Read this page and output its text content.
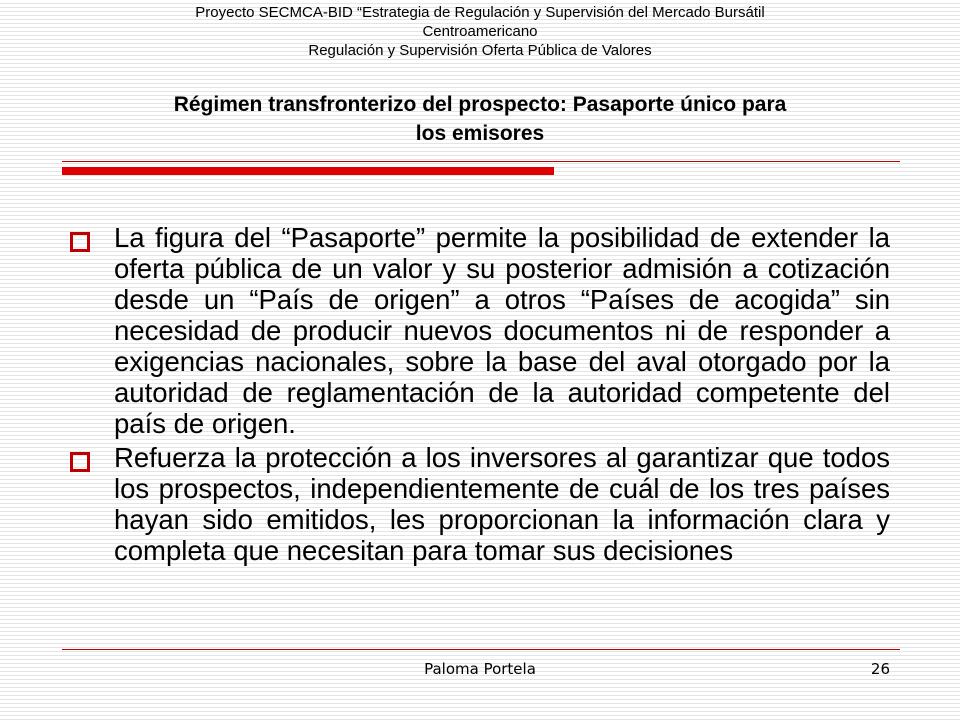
Proyecto SECMCA-BID “Estrategia de Regulación y Supervisión del Mercado Bursátil
Centroamericano
Regulación y Supervisión Oferta Pública de Valores
Régimen transfronterizo del prospecto: Pasaporte único para
los emisores
La figura del “Pasaporte” permite la posibilidad de extender la oferta pública de un valor y su posterior admisión a cotización desde un “País de origen” a otros “Países de acogida” sin necesidad de producir nuevos documentos ni de responder a exigencias nacionales, sobre la base del aval otorgado por la autoridad de reglamentación de la autoridad competente del país de origen.
Refuerza la protección a los inversores al garantizar que todos los prospectos, independientemente de cuál de los tres países hayan sido emitidos, les proporcionan la información clara y completa que necesitan para tomar sus decisiones
Paloma Portela	26
